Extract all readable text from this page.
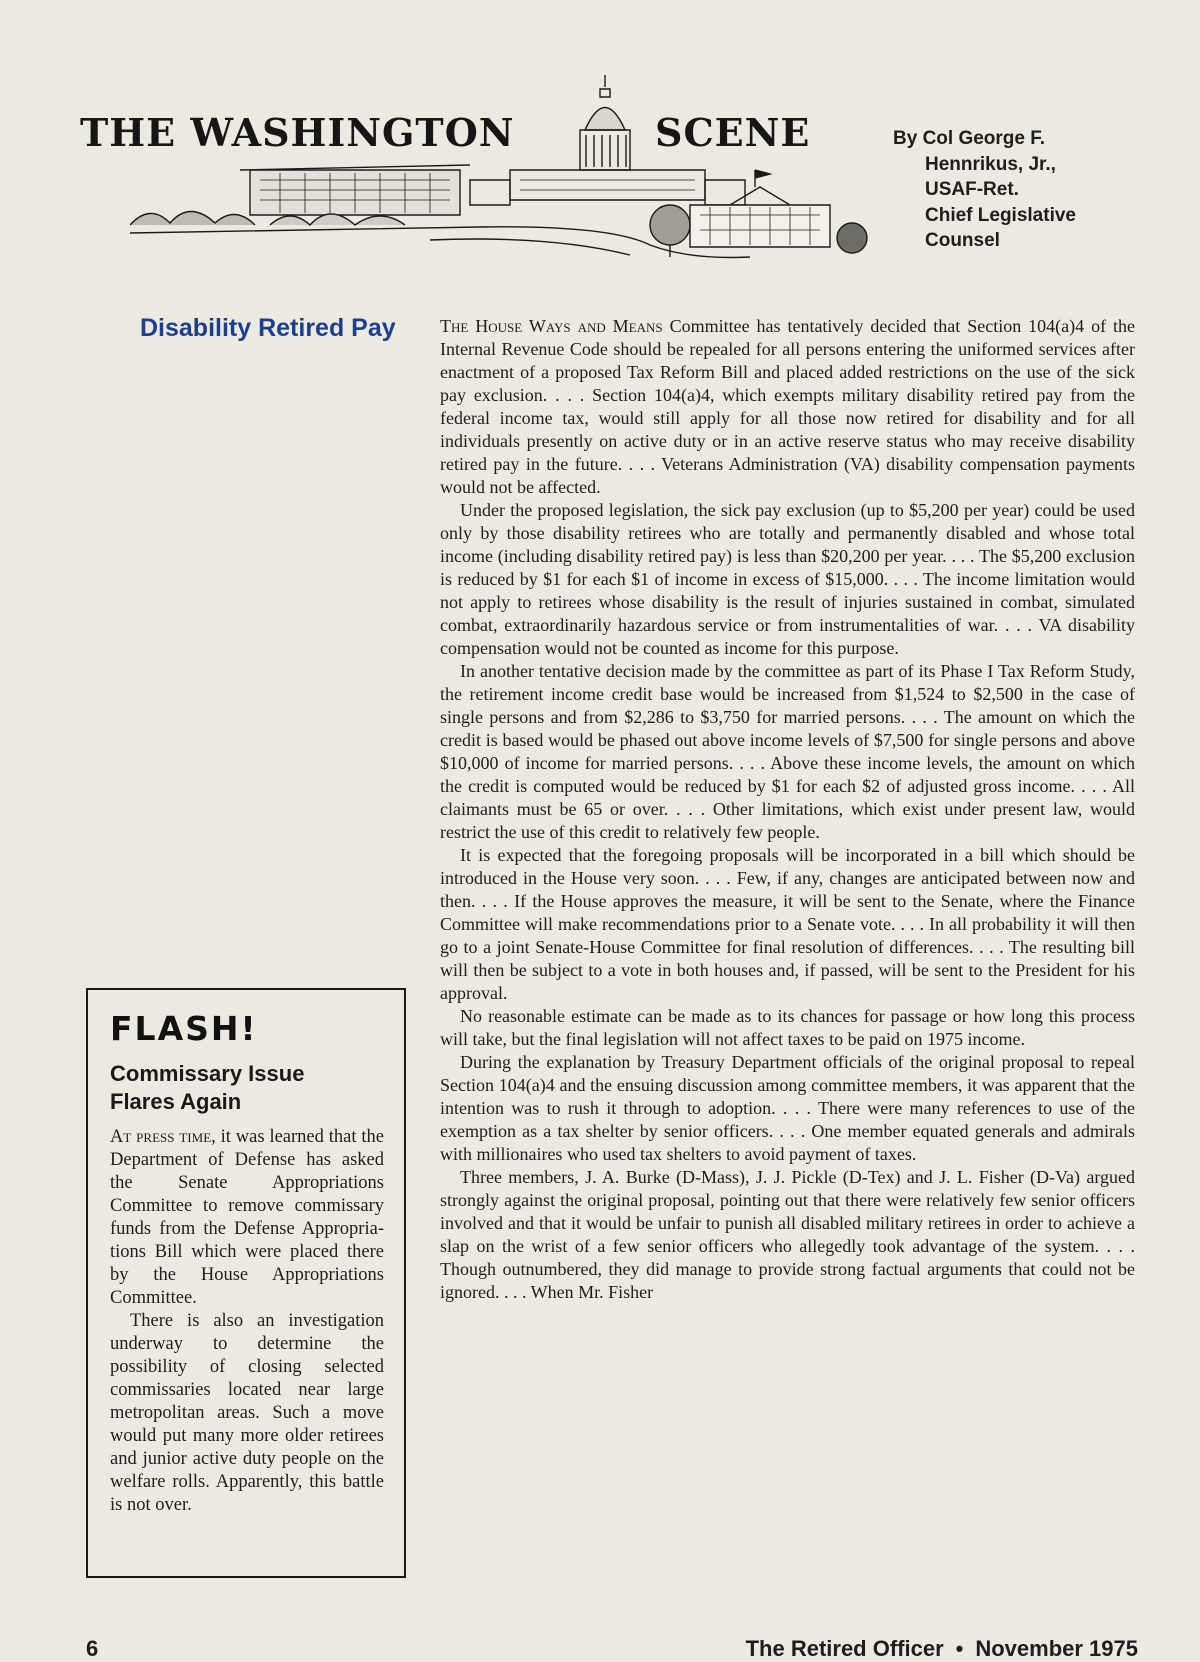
THE WASHINGTON	SCENE	By Col George F.
Hennrikus, Jr.,
USAF-Ret.
Chief Legislative
Counsel
Disability Retired Pay	The House Ways and Means Committee has tentatively decided that Section 104(a)4 of the Internal Revenue Code should be repealed for all persons entering the uniformed services after enactment of a proposed Tax Reform Bill and placed added restrictions on the use of the sick pay exclusion. . . . Section 104(a)4, which exempts military disability retired pay from the federal income tax, would still apply for all those now retired for disability and for all individuals presently on active duty or in an active reserve status who may receive disability retired pay in the future. . . . Veterans Administration (VA) disability compensation payments would not be affected.

Under the proposed legislation, the sick pay exclusion (up to $5,200 per year) could be used only by those disability retirees who are totally and permanently disabled and whose total income (including disability retired pay) is less than $20,200 per year. . . . The $5,200 exclusion is reduced by $1 for each $1 of income in excess of $15,000. . . . The income limitation would not apply to retirees whose disability is the result of injuries sustained in combat, simulated combat, extraordinarily hazardous service or from instrumentalities of war. . . . VA disability compensation would not be counted as income for this purpose.

In another tentative decision made by the committee as part of its Phase I Tax Reform Study, the retirement income credit base would be increased from $1,524 to $2,500 in the case of single persons and from $2,286 to $3,750 for married persons. . . . The amount on which the credit is based would be phased out above income levels of $7,500 for single persons and above $10,000 of income for married persons. . . . Above these income levels, the amount on which the credit is computed would be reduced by $1 for each $2 of adjusted gross income. . . . All claimants must be 65 or over. . . . Other limitations, which exist under present law, would restrict the use of this credit to relatively few people.

It is expected that the foregoing proposals will be incorporated in a bill which should be introduced in the House very soon. . . . Few, if any, changes are anticipated between now and then. . . . If the House approves the measure, it will be sent to the Senate, where the Finance Committee will make recommendations prior to a Senate vote. . . . In all probability it will then go to a joint Senate-House Committee for final resolution of differences. . . . The resulting bill will then be subject to a vote in both houses and, if passed, will be sent to the President for his approval.

No reasonable estimate can be made as to its chances for passage or how long this process will take, but the final legislation will not affect taxes to be paid on 1975 income.

During the explanation by Treasury Department officials of the original proposal to repeal Section 104(a)4 and the ensuing discussion among committee members, it was apparent that the intention was to rush it through to adoption. . . . There were many references to use of the exemption as a tax shelter by senior officers. . . . One member equated generals and admirals with millionaires who used tax shelters to avoid payment of taxes.

Three members, J. A. Burke (D-Mass), J. J. Pickle (D-Tex) and J. L. Fisher (D-Va) argued strongly against the original proposal, pointing out that there were relatively few senior officers involved and that it would be unfair to punish all disabled military retirees in order to achieve a slap on the wrist of a few senior officers who allegedly took advantage of the system. . . . Though outnumbered, they did manage to provide strong factual arguments that could not be ignored. . . . When Mr. Fisher

FLASH!
Commissary Issue
Flares Again

At press time, it was learned that the Department of Defense has asked the Senate Appropriations Committee to remove commissary funds from the Defense Appropriations Bill which were placed there by the House Appropriations Committee.

There is also an investigation underway to determine the possibility of closing selected commissaries located near large metropolitan areas. Such a move would put many more older retirees and junior active duty people on the welfare rolls. Apparently, this battle is not over.

6	The Retired Officer • November 1975
